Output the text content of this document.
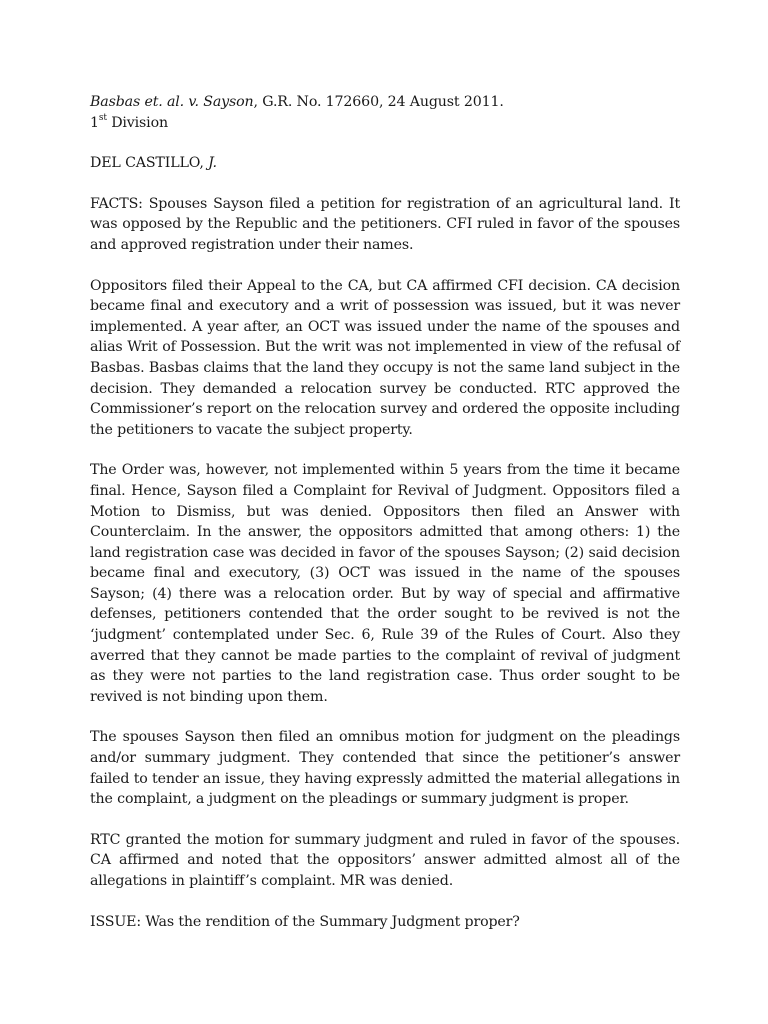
Basbas et. al. v. Sayson, G.R. No. 172660, 24 August 2011.

1st Division

DEL CASTILLO, J.

FACTS: Spouses Sayson filed a petition for registration of an agricultural land. It was opposed by the Republic and the petitioners. CFI ruled in favor of the spouses and approved registration under their names.

Oppositors filed their Appeal to the CA, but CA affirmed CFI decision. CA decision became final and executory and a writ of possession was issued, but it was never implemented. A year after, an OCT was issued under the name of the spouses and alias Writ of Possession. But the writ was not implemented in view of the refusal of Basbas. Basbas claims that the land they occupy is not the same land subject in the decision. They demanded a relocation survey be conducted. RTC approved the Commissioner’s report on the relocation survey and ordered the opposite including the petitioners to vacate the subject property.

The Order was, however, not implemented within 5 years from the time it became final. Hence, Sayson filed a Complaint for Revival of Judgment. Oppositors filed a Motion to Dismiss, but was denied. Oppositors then filed an Answer with Counterclaim. In the answer, the oppositors admitted that among others: 1) the land registration case was decided in favor of the spouses Sayson; (2) said decision became final and executory, (3) OCT was issued in the name of the spouses Sayson; (4) there was a relocation order. But by way of special and affirmative defenses, petitioners contended that the order sought to be revived is not the ‘judgment’ contemplated under Sec. 6, Rule 39 of the Rules of Court. Also they averred that they cannot be made parties to the complaint of revival of judgment as they were not parties to the land registration case. Thus order sought to be revived is not binding upon them.

The spouses Sayson then filed an omnibus motion for judgment on the pleadings and/or summary judgment. They contended that since the petitioner’s answer failed to tender an issue, they having expressly admitted the material allegations in the complaint, a judgment on the pleadings or summary judgment is proper.

RTC granted the motion for summary judgment and ruled in favor of the spouses. CA affirmed and noted that the oppositors’ answer admitted almost all of the allegations in plaintiff’s complaint. MR was denied.

ISSUE: Was the rendition of the Summary Judgment proper?
